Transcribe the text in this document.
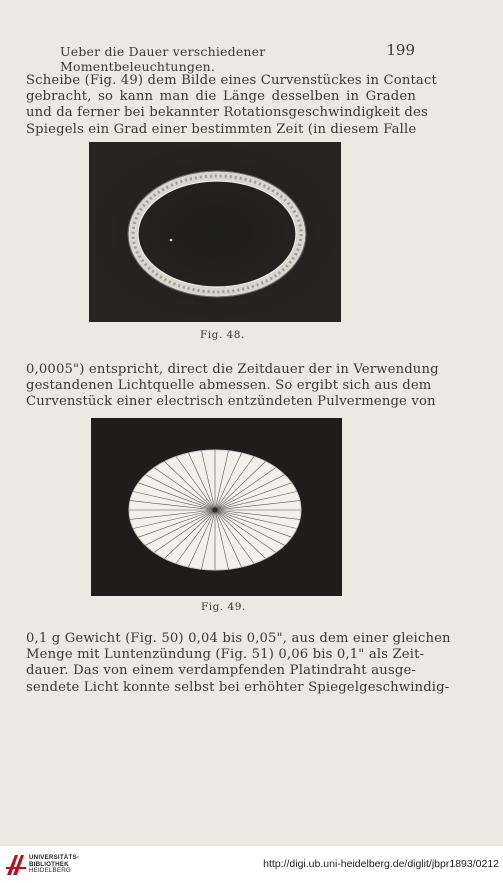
Ueber die Dauer verschiedener Momentbeleuchtungen.
199
Scheibe (Fig. 49) dem Bilde eines Curvenstückes in Contact
gebracht, so kann man die Länge desselben in Graden
und da ferner bei bekannter Rotationsgeschwindigkeit des
Spiegels ein Grad einer bestimmten Zeit (in diesem Falle
Fig. 48.
0,0005") entspricht, direct die Zeitdauer der in Verwendung
gestandenen Lichtquelle abmessen. So ergibt sich aus dem
Curvenstück einer electrisch entzündeten Pulvermenge von
Fig. 49.
0,1 g Gewicht (Fig. 50) 0,04 bis 0,05", aus dem einer gleichen
Menge mit Luntenzündung (Fig. 51) 0,06 bis 0,1" als Zeit-
dauer. Das von einem verdampfenden Platindraht ausge-
sendete Licht konnte selbst bei erhöhter Spiegelgeschwindig-
UNIVERSITÄTS-
BIBLIOTHEK
HEIDELBERG
http://digi.ub.uni-heidelberg.de/diglit/jbpr1893/0212
